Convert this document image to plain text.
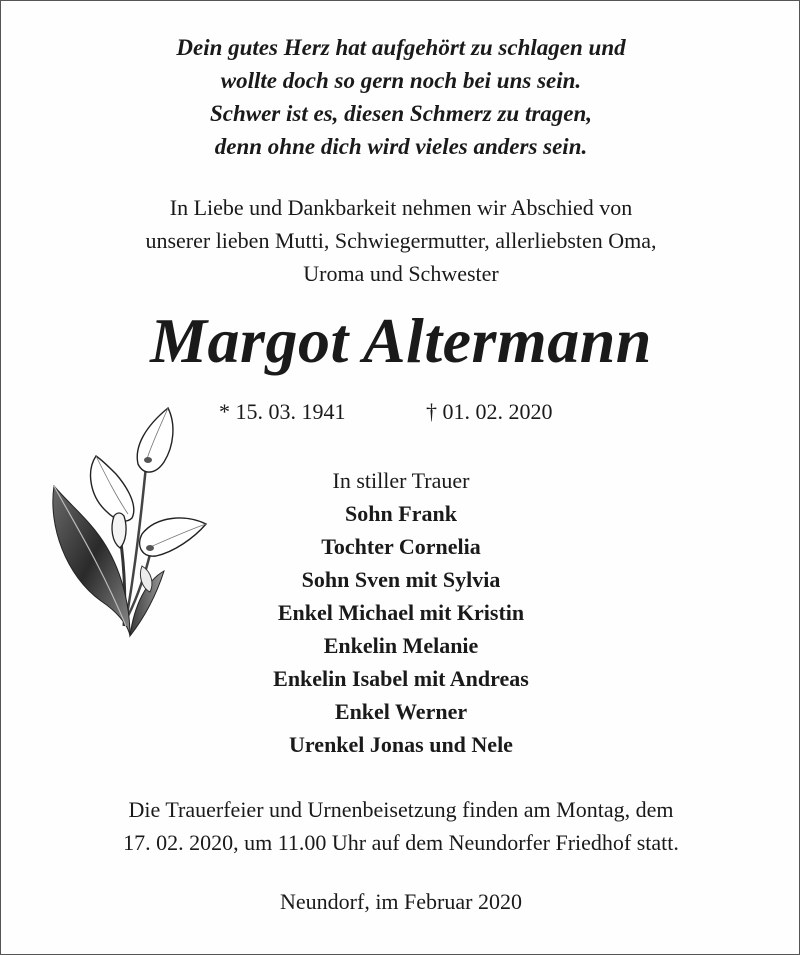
Dein gutes Herz hat aufgehört zu schlagen und
wollte doch so gern noch bei uns sein.
Schwer ist es, diesen Schmerz zu tragen,
denn ohne dich wird vieles anders sein.
In Liebe und Dankbarkeit nehmen wir Abschied von
unserer lieben Mutti, Schwiegermutter, allerliebsten Oma,
Uroma und Schwester
Margot Altermann
* 15. 03. 1941	† 01. 02. 2020
In stiller Trauer
Sohn Frank
Tochter Cornelia
Sohn Sven mit Sylvia
Enkel Michael mit Kristin
Enkelin Melanie
Enkelin Isabel mit Andreas
Enkel Werner
Urenkel Jonas und Nele
Die Trauerfeier und Urnenbeisetzung finden am Montag, dem
17. 02. 2020, um 11.00 Uhr auf dem Neundorfer Friedhof statt.
Neundorf, im Februar 2020
